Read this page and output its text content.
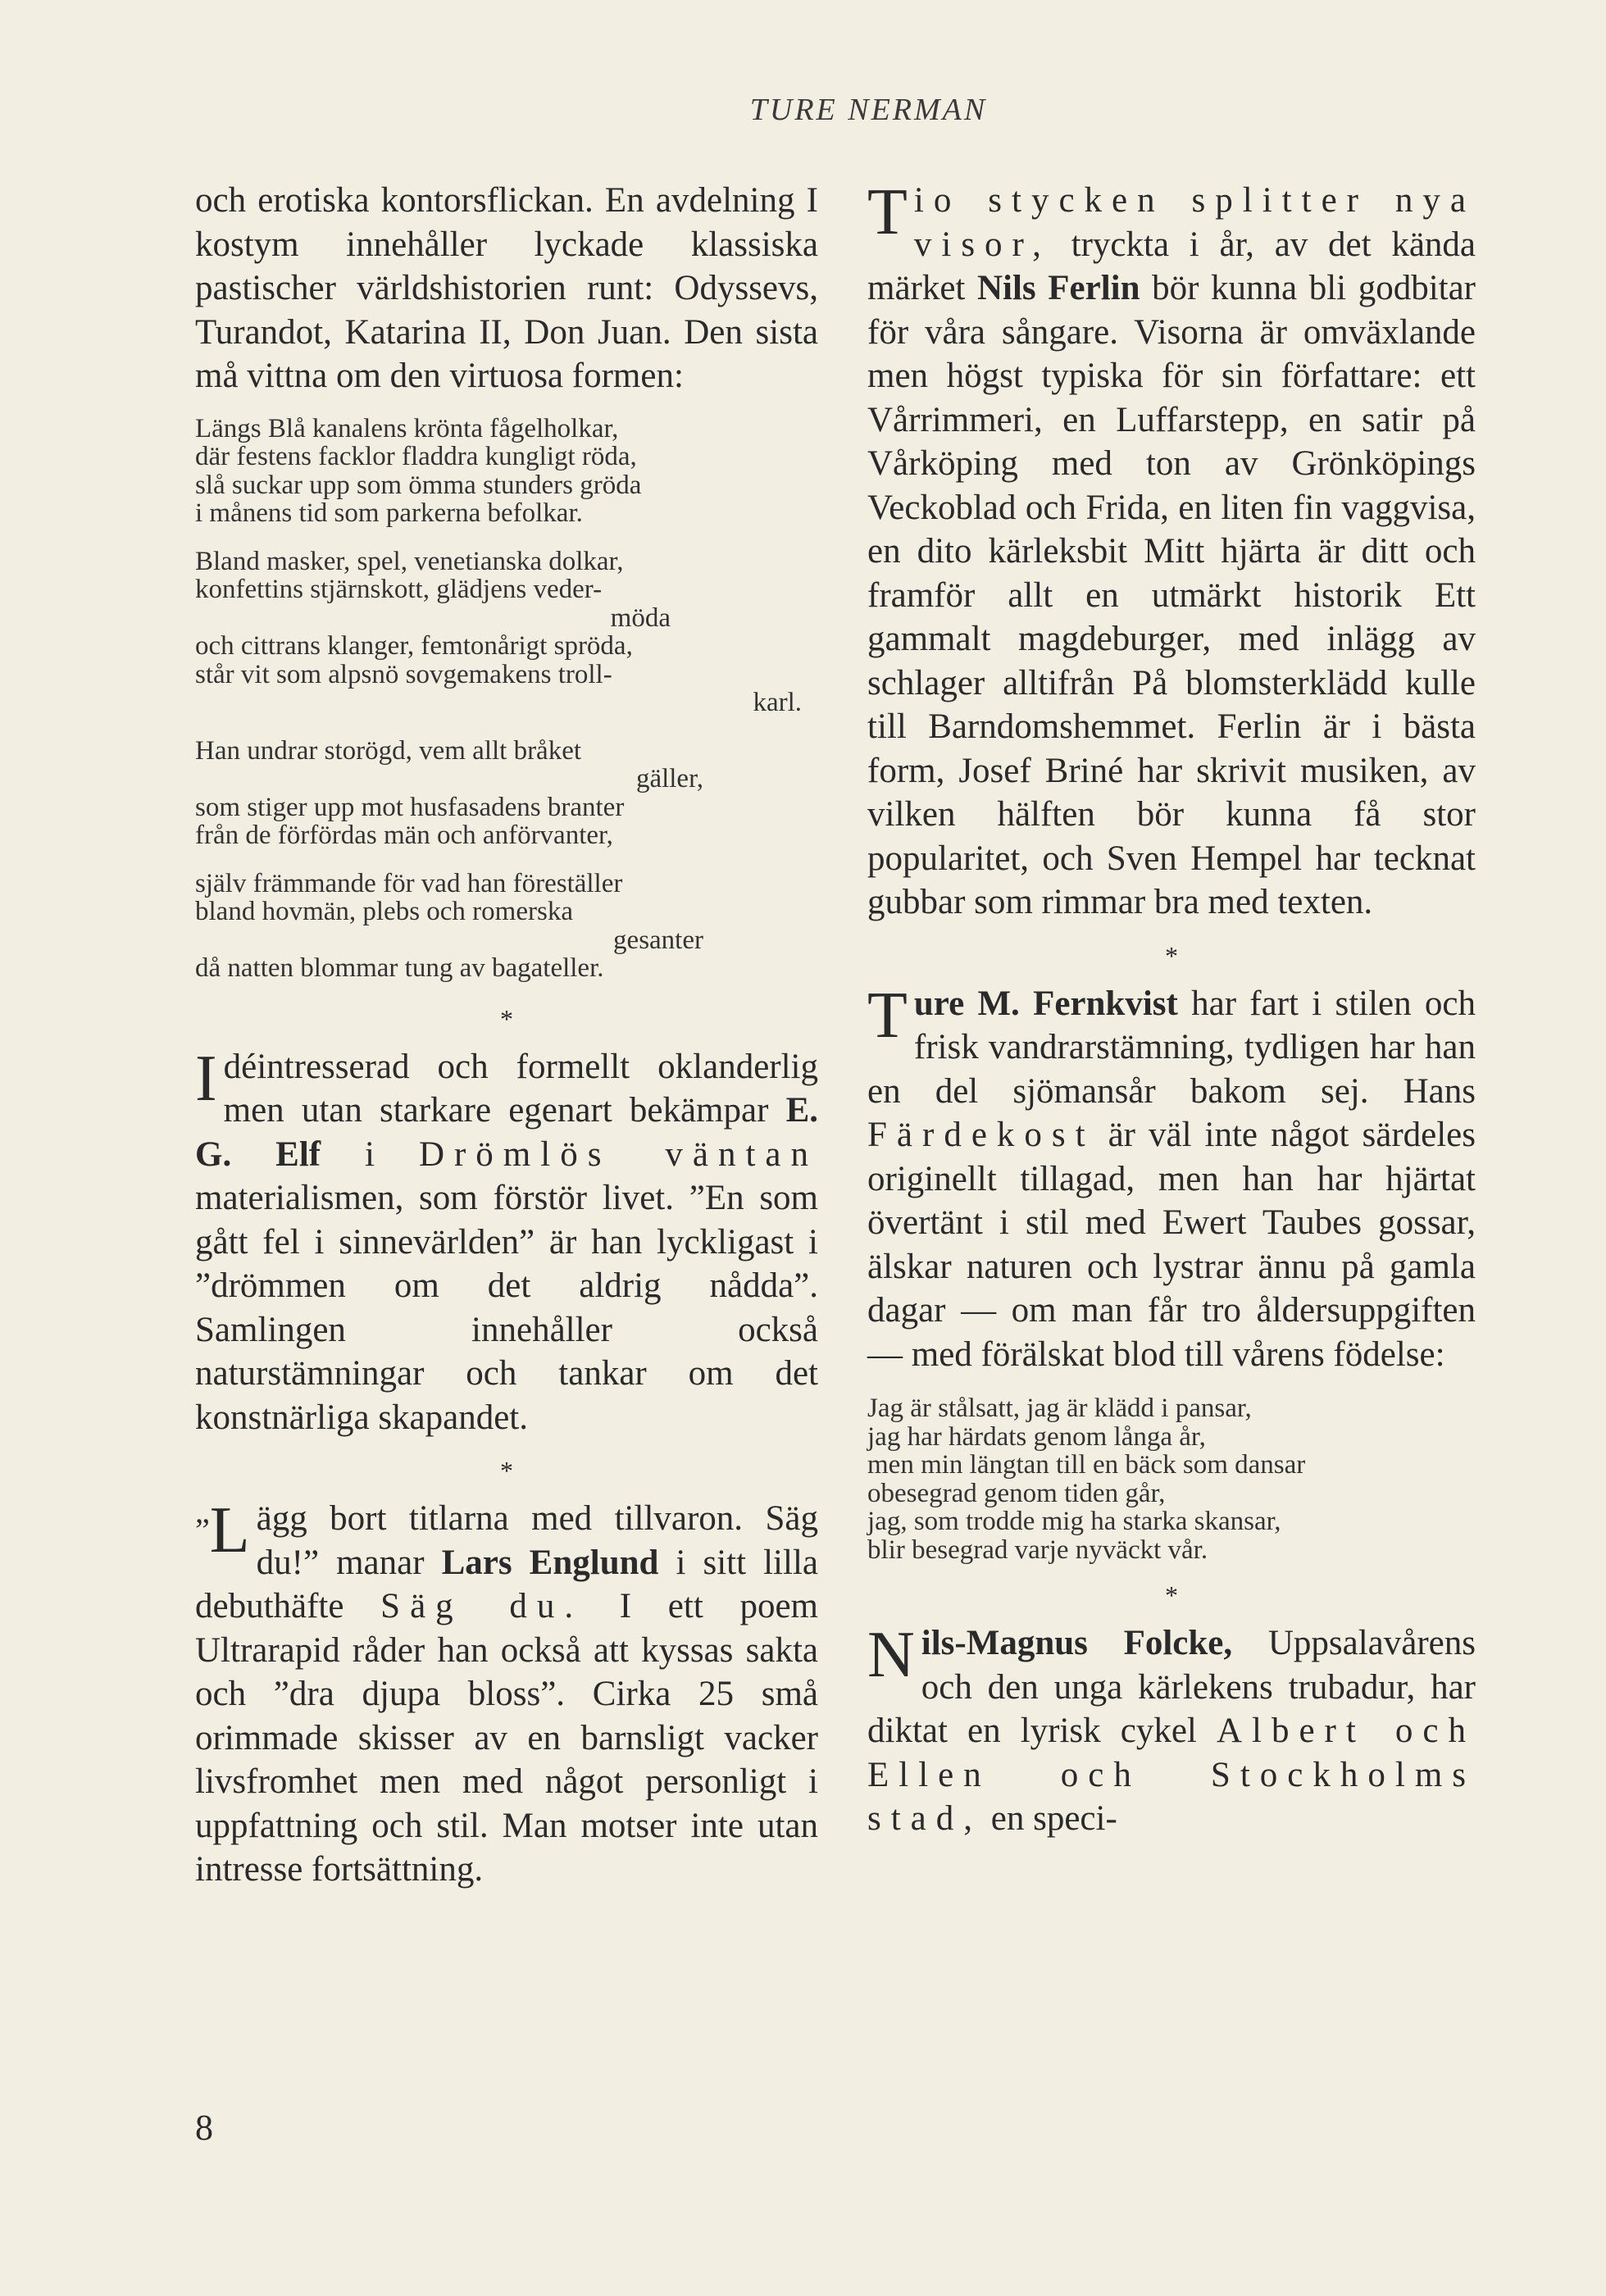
TURE NERMAN

och erotiska kontorsflickan. En avdelning I kostym innehåller lyckade klassiska pastischer världshistorien runt: Odyssevs, Turandot, Katarina II, Don Juan. Den sista må vittna om den virtuosa formen:

Längs Blå kanalens krönta fågelholkar,
där festens facklor fladdra kungligt röda,
slå suckar upp som ömma stunders gröda
i månens tid som parkerna befolkar.
Bland masker, spel, venetianska dolkar,
konfettins stjärnskott, glädjens veder-
möda
och cittrans klanger, femtonårigt spröda,
står vit som alpsnö sovgemakens troll-
karl.
Han undrar storögd, vem allt bråket
gäller,
som stiger upp mot husfasadens branter
från de förfördas män och anförvanter,
själv främmande för vad han föreställer
bland hovmän, plebs och romerska
gesanter
då natten blommar tung av bagateller.
*

Idéintresserad och formellt oklanderlig men utan starkare egenart bekämpar E. G. Elf i Drömlös väntan materialismen, som förstör livet. ”En som gått fel i sinnevärlden” är han lyckligast i ”drömmen om det aldrig nådda”. Samlingen innehåller också naturstämningar och tankar om det konstnärliga skapandet.

*

”L ägg bort titlarna med tillvaron. Säg du!” manar Lars Englund i sitt lilla debuthäfte Säg du. I ett poem Ultrarapid råder han också att kyssas sakta och ”dra djupa bloss”. Cirka 25 små orimmade skisser av en barnsligt vacker livsfromhet men med något personligt i uppfattning och stil. Man motser inte utan intresse fortsättning.

Tio stycken splitter nya visor, tryckta i år, av det kända märket Nils Ferlin bör kunna bli godbitar för våra sångare. Visorna är omväxlande men högst typiska för sin författare: ett Vårrimmeri, en Luffarstepp, en satir på Vårköping med ton av Grönköpings Veckoblad och Frida, en liten fin vaggvisa, en dito kärleksbit Mitt hjärta är ditt och framför allt en utmärkt historik Ett gammalt magdeburger, med inlägg av schlager alltifrån På blomsterklädd kulle till Barndomshemmet. Ferlin är i bästa form, Josef Briné har skrivit musiken, av vilken hälften bör kunna få stor popularitet, och Sven Hempel har tecknat gubbar som rimmar bra med texten.

*

Ture M. Fernkvist har fart i stilen och frisk vandrarstämning, tydligen har han en del sjömansår bakom sej. Hans Färdekost är väl inte något särdeles originellt tillagad, men han har hjärtat övertänt i stil med Ewert Taubes gossar, älskar naturen och lystrar ännu på gamla dagar — om man får tro åldersuppgiften — med förälskat blod till vårens födelse:

Jag är stålsatt, jag är klädd i pansar,
jag har härdats genom långa år,
men min längtan till en bäck som dansar
obesegrad genom tiden går,
jag, som trodde mig ha starka skansar,
blir besegrad varje nyväckt vår.
*

Nils-Magnus Folcke, Uppsalavårens och den unga kärlekens trubadur, har diktat en lyrisk cykel Albert och Ellen och Stockholms stad, en speci-

8
